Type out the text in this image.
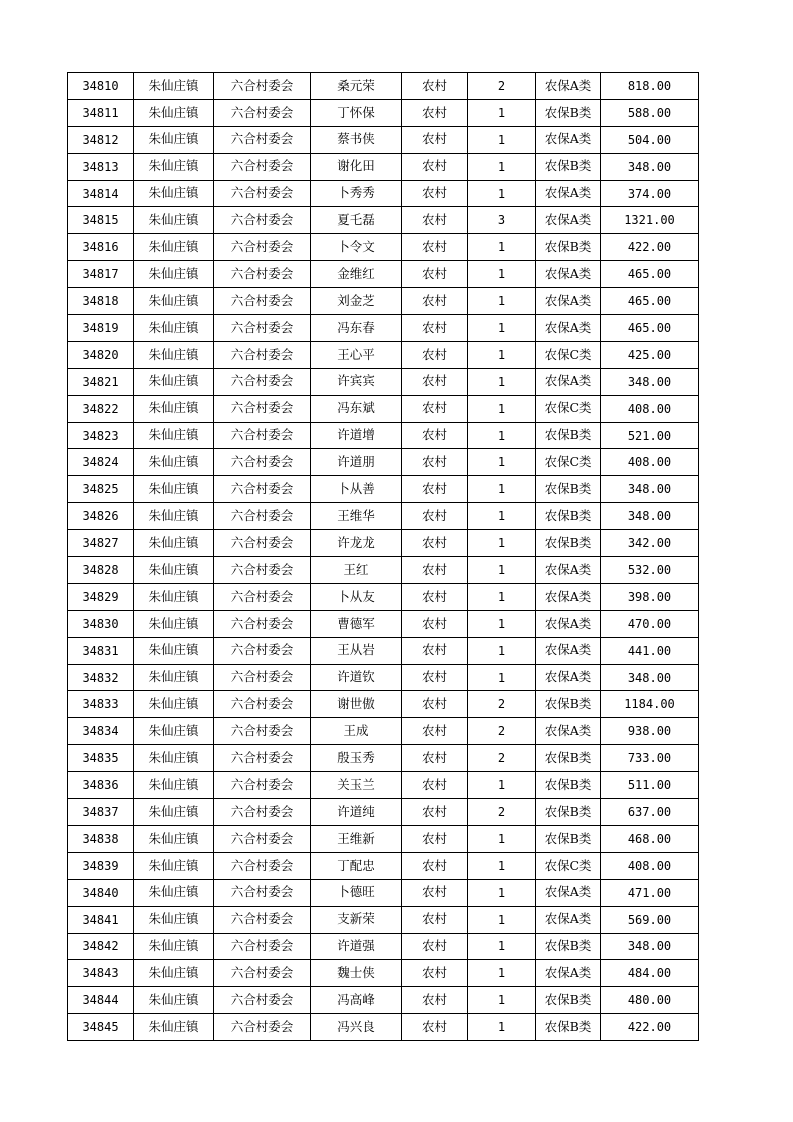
34810	朱仙庄镇	六合村委会	桑元荣	农村	2	农保A类	818.00
34811	朱仙庄镇	六合村委会	丁怀保	农村	1	农保B类	588.00
34812	朱仙庄镇	六合村委会	蔡书侠	农村	1	农保A类	504.00
34813	朱仙庄镇	六合村委会	谢化田	农村	1	农保B类	348.00
34814	朱仙庄镇	六合村委会	卜秀秀	农村	1	农保A类	374.00
34815	朱仙庄镇	六合村委会	夏乇磊	农村	3	农保A类	1321.00
34816	朱仙庄镇	六合村委会	卜令文	农村	1	农保B类	422.00
34817	朱仙庄镇	六合村委会	金维红	农村	1	农保A类	465.00
34818	朱仙庄镇	六合村委会	刘金芝	农村	1	农保A类	465.00
34819	朱仙庄镇	六合村委会	冯东春	农村	1	农保A类	465.00
34820	朱仙庄镇	六合村委会	王心平	农村	1	农保C类	425.00
34821	朱仙庄镇	六合村委会	许宾宾	农村	1	农保A类	348.00
34822	朱仙庄镇	六合村委会	冯东斌	农村	1	农保C类	408.00
34823	朱仙庄镇	六合村委会	许道增	农村	1	农保B类	521.00
34824	朱仙庄镇	六合村委会	许道朋	农村	1	农保C类	408.00
34825	朱仙庄镇	六合村委会	卜从善	农村	1	农保B类	348.00
34826	朱仙庄镇	六合村委会	王维华	农村	1	农保B类	348.00
34827	朱仙庄镇	六合村委会	许龙龙	农村	1	农保B类	342.00
34828	朱仙庄镇	六合村委会	王红	农村	1	农保A类	532.00
34829	朱仙庄镇	六合村委会	卜从友	农村	1	农保A类	398.00
34830	朱仙庄镇	六合村委会	曹德军	农村	1	农保A类	470.00
34831	朱仙庄镇	六合村委会	王从岩	农村	1	农保A类	441.00
34832	朱仙庄镇	六合村委会	许道钦	农村	1	农保A类	348.00
34833	朱仙庄镇	六合村委会	谢世傲	农村	2	农保B类	1184.00
34834	朱仙庄镇	六合村委会	王成	农村	2	农保A类	938.00
34835	朱仙庄镇	六合村委会	殷玉秀	农村	2	农保B类	733.00
34836	朱仙庄镇	六合村委会	关玉兰	农村	1	农保B类	511.00
34837	朱仙庄镇	六合村委会	许道纯	农村	2	农保B类	637.00
34838	朱仙庄镇	六合村委会	王维新	农村	1	农保B类	468.00
34839	朱仙庄镇	六合村委会	丁配忠	农村	1	农保C类	408.00
34840	朱仙庄镇	六合村委会	卜德旺	农村	1	农保A类	471.00
34841	朱仙庄镇	六合村委会	支新荣	农村	1	农保A类	569.00
34842	朱仙庄镇	六合村委会	许道强	农村	1	农保B类	348.00
34843	朱仙庄镇	六合村委会	魏士侠	农村	1	农保A类	484.00
34844	朱仙庄镇	六合村委会	冯高峰	农村	1	农保B类	480.00
34845	朱仙庄镇	六合村委会	冯兴良	农村	1	农保B类	422.00
